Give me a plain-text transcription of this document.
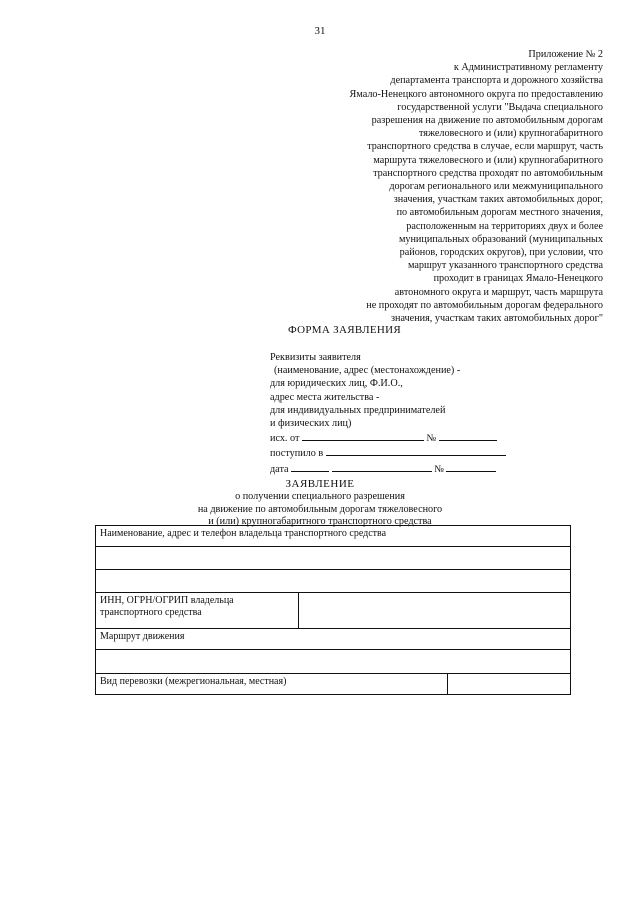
31
Приложение № 2
к Административному регламенту
департамента транспорта и дорожного хозяйства
Ямало-Ненецкого автономного округа по предоставлению
государственной услуги "Выдача специального
разрешения на движение по автомобильным дорогам
тяжеловесного и (или) крупногабаритного
транспортного средства в случае, если маршрут, часть
маршрута тяжеловесного и (или) крупногабаритного
транспортного средства проходят по автомобильным
дорогам регионального или межмуниципального
значения, участкам таких автомобильных дорог,
по автомобильным дорогам местного значения,
расположенным на территориях двух и более
муниципальных образований (муниципальных
районов, городских округов), при условии, что
маршрут указанного транспортного средства
проходит в границах Ямало-Ненецкого
автономного округа и маршрут, часть маршрута
не проходят по автомобильным дорогам федерального
значения, участкам таких автомобильных дорог"
ФОРМА ЗАЯВЛЕНИЯ
Реквизиты заявителя
(наименование, адрес (местонахождение) -
для юридических лиц, Ф.И.О.,
адрес места жительства -
для индивидуальных предпринимателей
и физических лиц)
исх. от	№
поступило в
дата	№
ЗАЯВЛЕНИЕ
о получении специального разрешения
на движение по автомобильным дорогам тяжеловесного
и (или) крупногабаритного транспортного средства
Наименование, адрес и телефон владельца транспортного средства		

ИНН, ОГРН/ОГРИП владельца
транспортного средства		

Маршрут движения		

Вид перевозки (межрегиональная, местная)		
